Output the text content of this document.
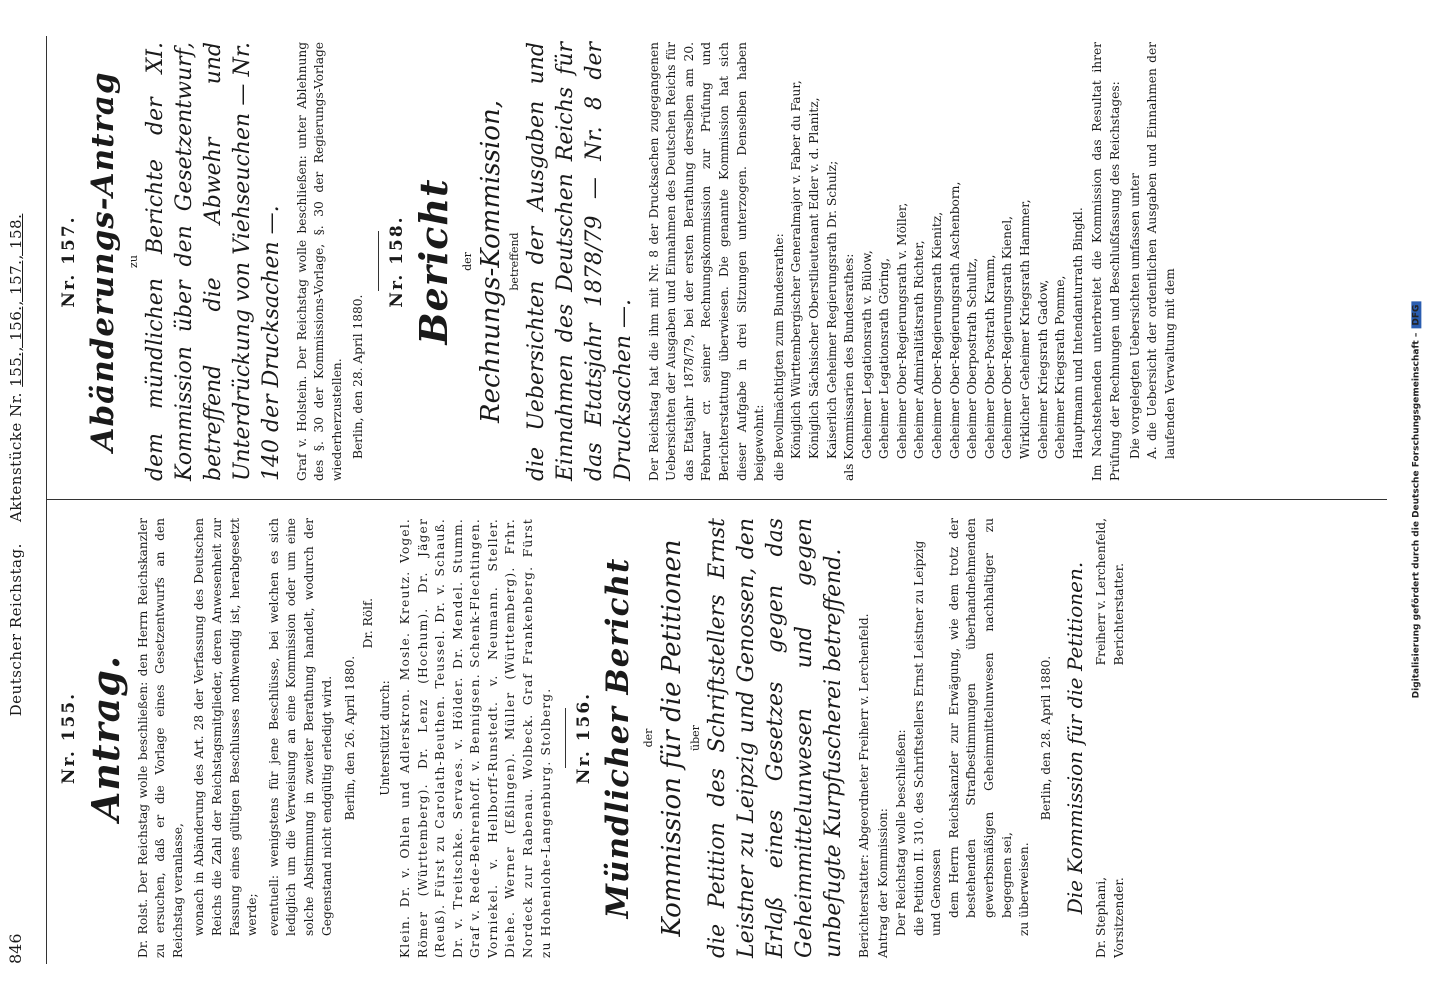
846
Deutscher Reichstag.    Aktenstücke Nr. 155., 156., 157., 158.
Nr. 155. Antrag. Dr. Rolst. Der Reichstag wolle beschließen: den Herrn Reichskanzler zu ersuchen, daß er die Vorlage eines Gesetzentwurfs an den Reichstag veranlasse, wonach in Abänderung des Art. 28 der Verfassung des Deutschen Reichs die Zahl der Reichstagsmitglieder, deren Anwesenheit zur Fassung eines gültigen Beschlusses nothwendig ist, herabgesetzt werde; eventuell: wenigstens für jene Beschlüsse, bei welchen es sich lediglich um die Verweisung an eine Kommission oder um eine solche Abstimmung in zweiter Berathung handelt, wodurch der Gegenstand nicht endgültig erledigt wird. Berlin, den 26. April 1880.
Dr. Rölf.
Unterstützt durch: Klein. Dr. v. Ohlen und Adlerskron. Mosle. Kreutz. Vogel. Römer (Württemberg). Dr. Lenz (Hochum). Dr. Jäger (Reuß). Fürst zu Carolath-Beuthen. Teussel. Dr. v. Schauß. Dr. v. Treitschke. Servaes. v. Hölder. Dr. Mendel. Stumm. Graf v. Rede-Behrenhoff. v. Bennigsen. Schenk-Flechtingen. Vorniekel. v. Hellborff-Runstedt. v. Neumann. Steller. Diehe. Werner (Eßlingen). Müller (Württemberg). Frhr. Nordeck zur Rabenau. Wolbeck. Graf Frankenberg. Fürst zu Hohenlohe-Langenburg. Stolberg. Nr. 156. Mündlicher Bericht der Kommission für die Petitionen über die Petition des Schriftstellers Ernst Leistner zu Leipzig und Genossen, den Erlaß eines Gesetzes gegen das Geheimmittelunwesen und gegen unbefugte Kurpfuscherei betreffend. Berichterstatter: Abgeordneter Freiherr v. Lerchenfeld. Antrag der Kommission: Der Reichstag wolle beschließen: die Petition II. 310. des Schriftstellers Ernst Leistner zu Leipzig und Genossen dem Herrn Reichskanzler zur Erwägung, wie dem trotz der bestehenden Strafbestimmungen überhandnehmenden gewerbsmäßigen Geheimmittelunwesen nachhaltiger zu begegnen sei, zu überweisen.
Berlin, den 28. April 1880. Die Kommission für die Petitionen.
Dr. Stephani, Vorsitzender.
Freiherr v. Lerchenfeld, Berichterstatter.
Nr. 157. Abänderungs-Antrag zu dem mündlichen Berichte der XI. Kommission über den Gesetzentwurf, betreffend die Abwehr und Unterdrückung von Viehseuchen — Nr. 140 der Drucksachen —. Graf v. Holstein. Der Reichstag wolle beschließen: unter Ablehnung des §. 30 der Kommissions-Vorlage, §. 30 der Regierungs-Vorlage wiederherzustellen. Berlin, den 28. April 1880.
Nr. 158. Bericht der Rechnungs-Kommission, betreffend die Uebersichten der Ausgaben und Einnahmen des Deutschen Reichs für das Etatsjahr 1878/79 — Nr. 8 der Drucksachen —. Der Reichstag hat die ihm mit Nr. 8 der Drucksachen zugegangenen Uebersichten der Ausgaben und Einnahmen des Deutschen Reichs für das Etatsjahr 1878/79, bei der ersten Berathung derselben am 20. Februar cr. seiner Rechnungskommission zur Prüfung und Berichterstattung überwiesen. Die genannte Kommission hat sich dieser Aufgabe in drei Sitzungen unterzogen. Denselben haben beigewohnt: die Bevollmächtigten zum Bundesrathe: Königlich Württembergischer Generalmajor v. Faber du Faur, Königlich Sächsischer Oberstlieutenant Edler v. d. Planitz, Kaiserlich Geheimer Regierungsrath Dr. Schulz; als Kommissarien des Bundesrathes: Geheimer Legationsrath v. Bülow, Geheimer Legationsrath Göring, Geheimer Ober-Regierungsrath v. Möller, Geheimer Admiralitätsrath Richter, Geheimer Ober-Regierungsrath Kienitz, Geheimer Ober-Regierungsrath Aschenborn, Geheimer Oberpostrath Schultz, Geheimer Ober-Postrath Kramm, Geheimer Ober-Regierungsrath Kienel, Wirklicher Geheimer Kriegsrath Hammer, Geheimer Kriegsrath Gadow, Geheimer Kriegsrath Pomme, Hauptmann und Intendanturrath Bingkl. Im Nachstehenden unterbreitet die Kommission das Resultat ihrer Prüfung der Rechnungen und Beschlußfassung des Reichstages: Die vorgelegten Uebersichten umfassen unter A. die Uebersicht der ordentlichen Ausgaben und Einnahmen der laufenden Verwaltung mit dem	Digitalisierung gefördert durch die Deutsche Forschungsgemeinschaft –DFG
